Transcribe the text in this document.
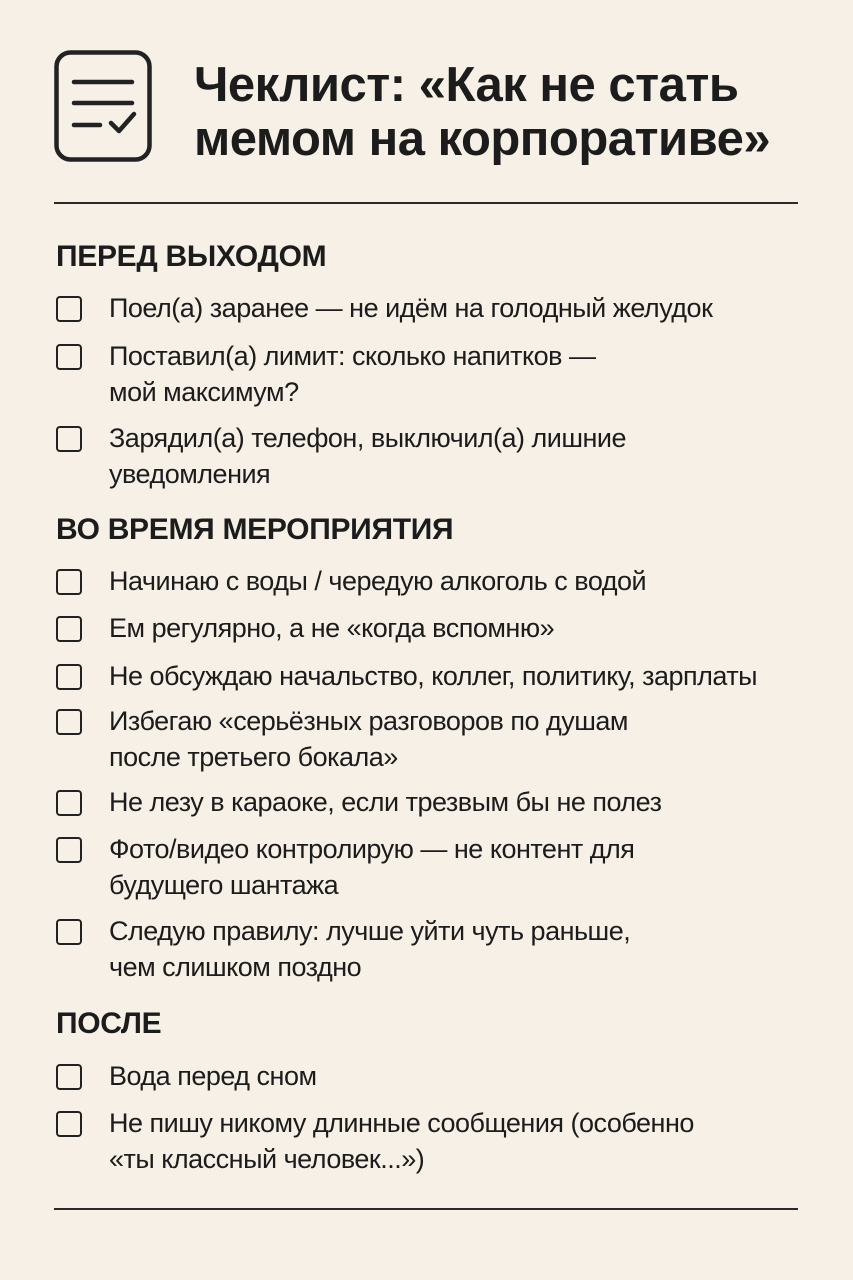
Чеклист: «Как не стать
мемом на корпоративе»
ПЕРЕД ВЫХОДОМ
Поел(а) заранее — не идём на голодный желудок
Поставил(а) лимит: сколько напитков —
мой максимум?
Зарядил(а) телефон, выключил(а) лишние
уведомления
ВО ВРЕМЯ МЕРОПРИЯТИЯ
Начинаю с воды / чередую алкоголь с водой
Ем регулярно, а не «когда вспомню»
Не обсуждаю начальство, коллег, политику, зарплаты
Избегаю «серьёзных разговоров по душам
после третьего бокала»
Не лезу в караоке, если трезвым бы не полез
Фото/видео контролирую — не контент для
будущего шантажа
Следую правилу: лучше уйти чуть раньше,
чем слишком поздно
ПОСЛЕ
Вода перед сном
Не пишу никому длинные сообщения (особенно
«ты классный человек...»)
